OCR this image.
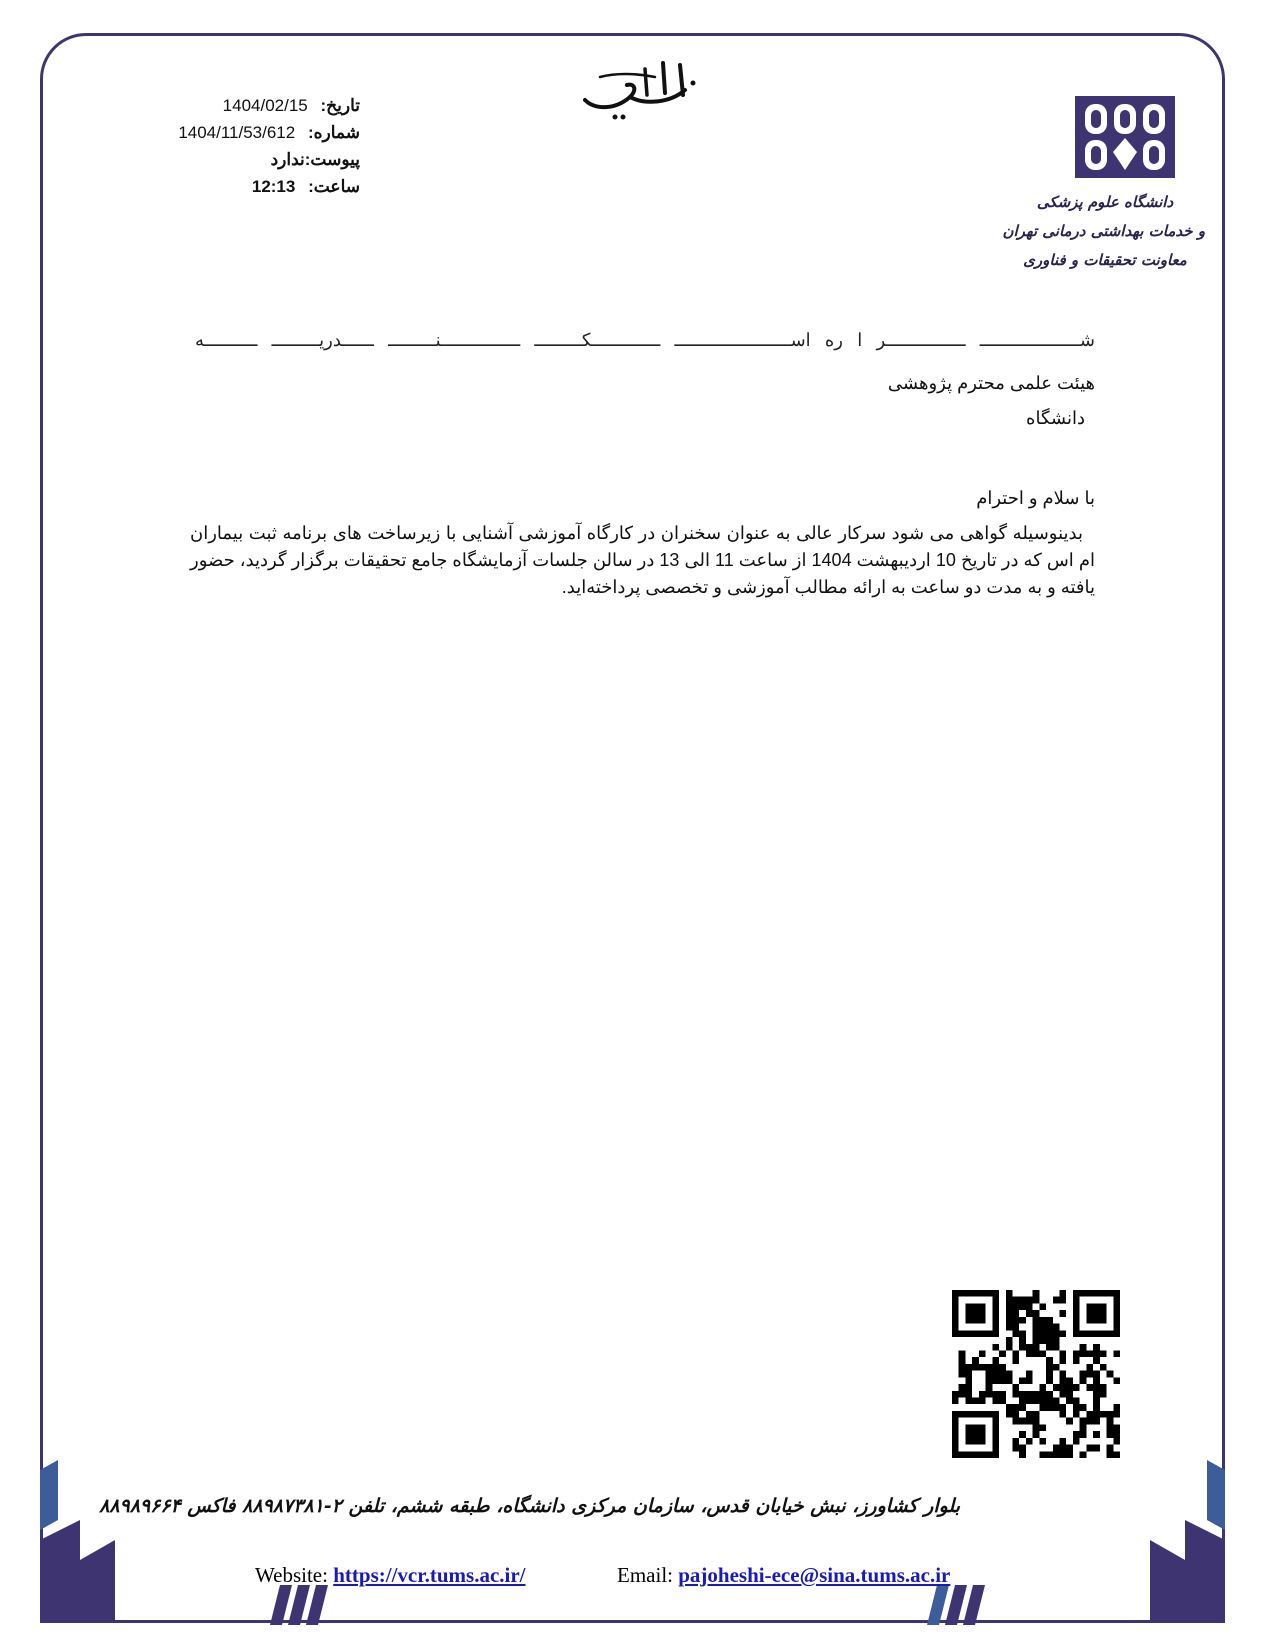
تاریخ: 1404/02/15
شماره: 1404/11/53/612
پیوست:ندارد
ساعت: 12:13
دانشگاه علوم پزشکی
و خدمات بهداشتی درمانی تهران
معاونت تحقیقات و فناوری
شـــــــــــــــــــ
ـــــــــــــــر
ا
ره
اســــــــــــــــــــــ
ـــــــــــــکـــــــــ
ـــــــــــــــنـــــــــ
ــــــدریـــــــــ
ــــــــــه
هیئت علمی محترم پژوهشی
دانشگاه
با سلام و احترام
بدینوسیله گواهی می شود سرکار عالی به عنوان سخنران در کارگاه آموزشی آشنایی با زیرساخت های برنامه ثبت بیماران ام اس که در تاریخ 10 اردیبهشت 1404 از ساعت 11 الی 13 در سالن جلسات آزمایشگاه جامع تحقیقات برگزار گردید، حضور یافته و به مدت دو ساعت به ارائه مطالب آموزشی و تخصصی پرداخته‌اید.
بلوار کشاورز، نبش خیابان قدس، سازمان مرکزی دانشگاه، طبقه ششم، تلفن ۲-۸۸۹۸۷۳۸۱ فاکس ۸۸۹۸۹۶۶۴
Website: https://vcr.tums.ac.ir/	Email: pajoheshi-ece@sina.tums.ac.ir
